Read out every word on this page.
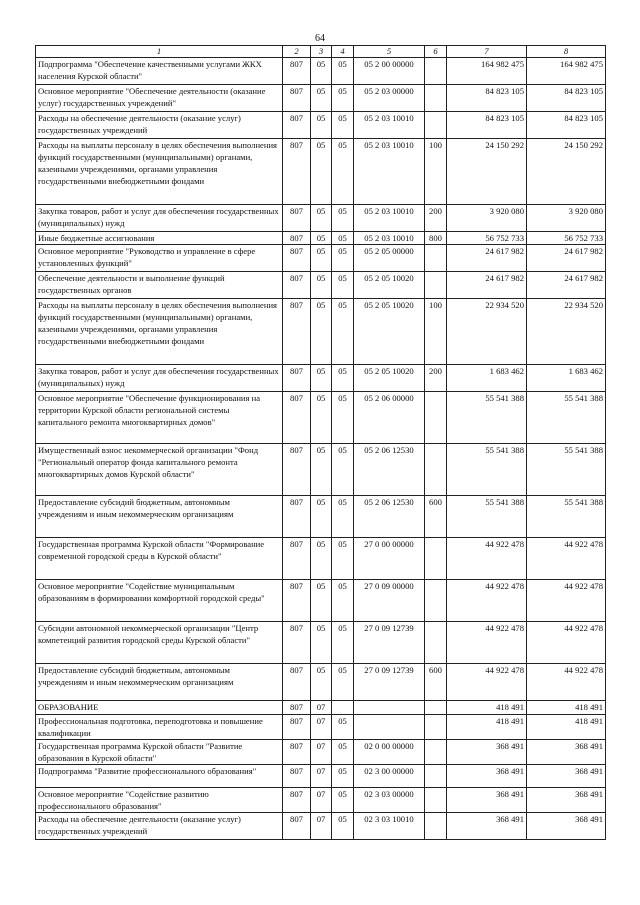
64
1	2	3	4	5	6	7	8
Подпрограмма "Обеспечение качественными услугами ЖКХ населения Курской области"	807	05	05	05 2 00 00000		164 982 475	164 982 475
Основное мероприятие "Обеспечение деятельности (оказание услуг) государственных учреждений"	807	05	05	05 2 03 00000		84 823 105	84 823 105
Расходы на обеспечение деятельности (оказание услуг) государственных учреждений	807	05	05	05 2 03 10010		84 823 105	84 823 105
Расходы на выплаты персоналу в целях обеспечения выполнения функций государственными (муниципальными) органами, казенными учреждениями, органами управления государственными внебюджетными фондами	807	05	05	05 2 03 10010	100	24 150 292	24 150 292
Закупка товаров, работ и услуг для обеспечения государственных (муниципальных) нужд	807	05	05	05 2 03 10010	200	3 920 080	3 920 080
Иные бюджетные ассигнования	807	05	05	05 2 03 10010	800	56 752 733	56 752 733
Основное мероприятие "Руководство и управление в сфере установленных функций"	807	05	05	05 2 05 00000		24 617 982	24 617 982
Обеспечение деятельности и выполнение функций государственных органов	807	05	05	05 2 05 10020		24 617 982	24 617 982
Расходы на выплаты персоналу в целях обеспечения выполнения функций государственными (муниципальными) органами, казенными учреждениями, органами управления государственными внебюджетными фондами	807	05	05	05 2 05 10020	100	22 934 520	22 934 520
Закупка товаров, работ и услуг для обеспечения государственных (муниципальных) нужд	807	05	05	05 2 05 10020	200	1 683 462	1 683 462
Основное мероприятие "Обеспечение функционирования на территории Курской области региональной системы капитального ремонта многоквартирных домов"	807	05	05	05 2 06 00000		55 541 388	55 541 388
Имущественный взнос некоммерческой организации "Фонд "Региональный оператор фонда капитального ремонта многоквартирных домов Курской области"	807	05	05	05 2 06 12530		55 541 388	55 541 388
Предоставление субсидий бюджетным, автономным учреждениям и иным некоммерческим организациям	807	05	05	05 2 06 12530	600	55 541 388	55 541 388
Государственная программа Курской области "Формирование современной городской среды в Курской области"	807	05	05	27 0 00 00000		44 922 478	44 922 478
Основное мероприятие "Содействие муниципальным образованиям в формировании комфортной городской среды"	807	05	05	27 0 09 00000		44 922 478	44 922 478
Субсидии автономной некоммерческой организации "Центр компетенций развития городской среды Курской области"	807	05	05	27 0 09 12739		44 922 478	44 922 478
Предоставление субсидий бюджетным, автономным учреждениям и иным некоммерческим организациям	807	05	05	27 0 09 12739	600	44 922 478	44 922 478
ОБРАЗОВАНИЕ	807	07				418 491	418 491
Профессиональная подготовка, переподготовка и повышение квалификации	807	07	05			418 491	418 491
Государственная программа Курской области "Развитие образования в Курской области"	807	07	05	02 0 00 00000		368 491	368 491
Подпрограмма "Развитие профессионального образования"	807	07	05	02 3 00 00000		368 491	368 491
Основное мероприятие "Содействие развитию профессионального образования"	807	07	05	02 3 03 00000		368 491	368 491
Расходы на обеспечение деятельности (оказание услуг) государственных учреждений	807	07	05	02 3 03 10010		368 491	368 491
